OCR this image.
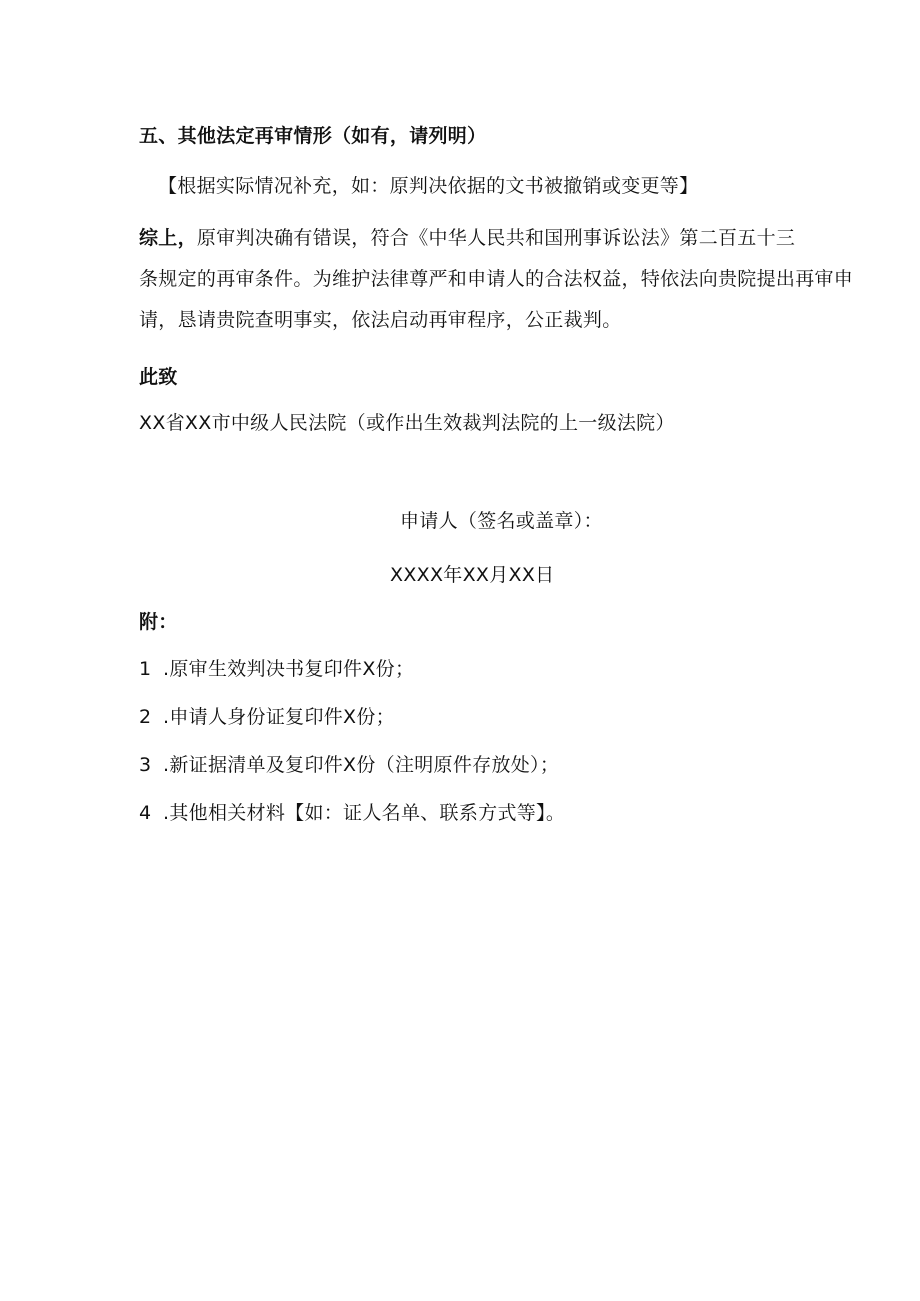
五、其他法定再审情形（如有，请列明）
【根据实际情况补充，如：原判决依据的文书被撤销或变更等】
综上，原审判决确有错误，符合《中华人民共和国刑事诉讼法》第二百五十三
条规定的再审条件。为维护法律尊严和申请人的合法权益，特依法向贵院提出再审申
请，恳请贵院查明事实，依法启动再审程序，公正裁判。
此致
XX省XX市中级人民法院（或作出生效裁判法院的上一级法院）
申请人（签名或盖章）：
XXXX年XX月XX日
附：
1 .原审生效判决书复印件X份；
2 .申请人身份证复印件X份；
3 .新证据清单及复印件X份（注明原件存放处）；
4 .其他相关材料【如：证人名单、联系方式等】。
